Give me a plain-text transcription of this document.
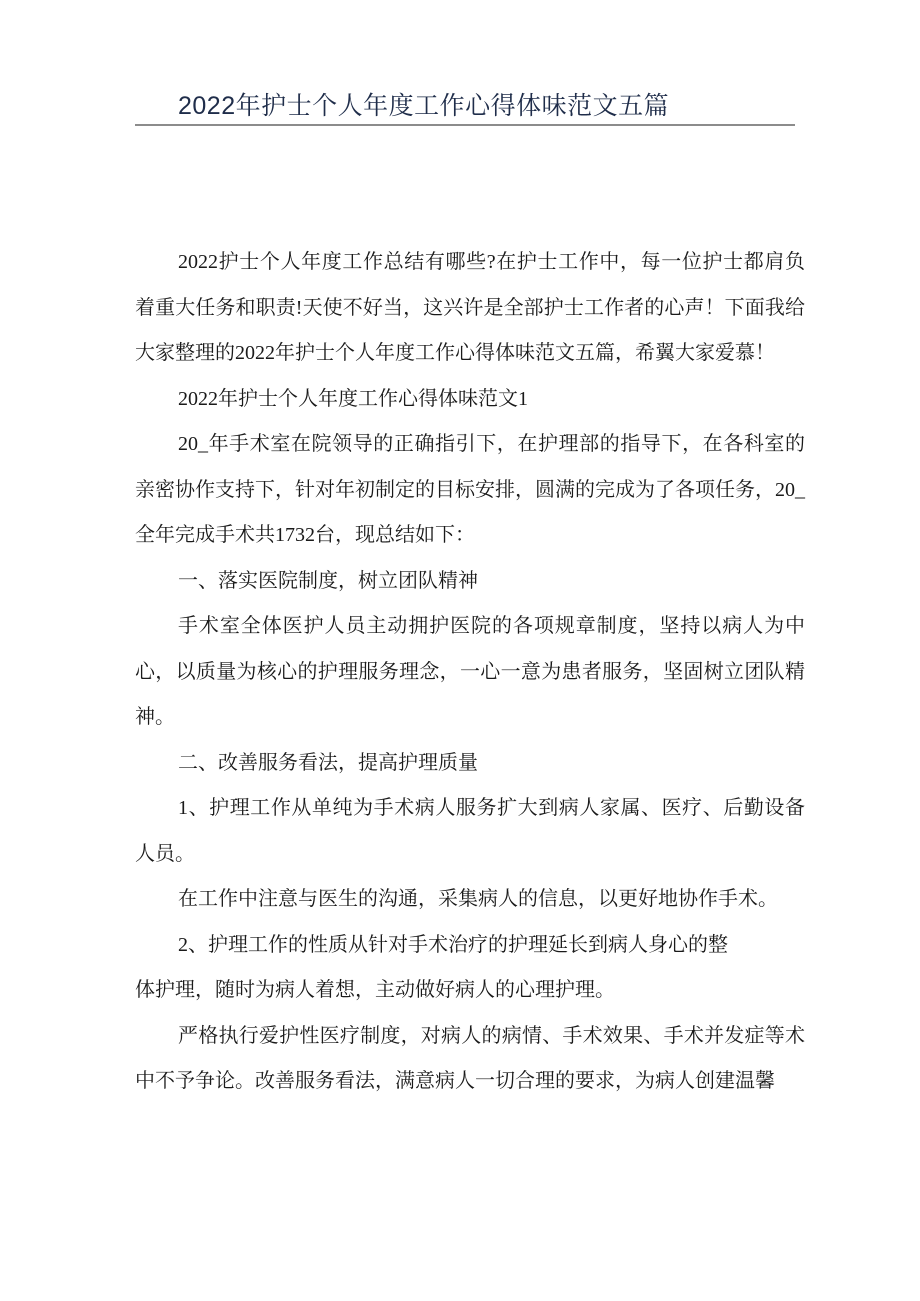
2022年护士个人年度工作心得体味范文五篇

2022护士个人年度工作总结有哪些?在护士工作中，每一位护士都肩负着重大任务和职责!天使不好当，这兴许是全部护士工作者的心声！下面我给大家整理的2022年护士个人年度工作心得体味范文五篇，希翼大家爱慕！

2022年护士个人年度工作心得体味范文1

20_年手术室在院领导的正确指引下，在护理部的指导下，在各科室的亲密协作支持下，针对年初制定的目标安排，圆满的完成为了各项任务，20_全年完成手术共1732台，现总结如下：

一、落实医院制度，树立团队精神

手术室全体医护人员主动拥护医院的各项规章制度，坚持以病人为中心，以质量为核心的护理服务理念，一心一意为患者服务，坚固树立团队精神。

二、改善服务看法，提高护理质量

1、护理工作从单纯为手术病人服务扩大到病人家属、医疗、后勤设备人员。

在工作中注意与医生的沟通，采集病人的信息，以更好地协作手术。

2、护理工作的性质从针对手术治疗的护理延长到病人身心的整

体护理，随时为病人着想，主动做好病人的心理护理。

严格执行爱护性医疗制度，对病人的病情、手术效果、手术并发症等术中不予争论。改善服务看法，满意病人一切合理的要求，为病人创建温馨
